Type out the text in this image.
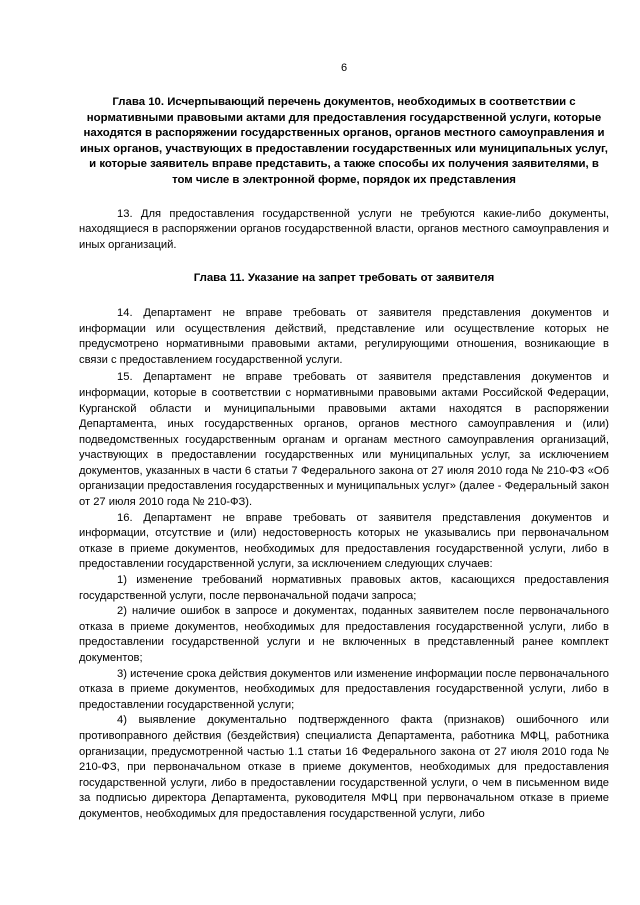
6

Глава 10. Исчерпывающий перечень документов, необходимых в соответствии с нормативными правовыми актами для предоставления государственной услуги, которые находятся в распоряжении государственных органов, органов местного самоуправления и иных органов, участвующих в предоставлении государственных или муниципальных услуг, и которые заявитель вправе представить, а также способы их получения заявителями, в том числе в электронной форме, порядок их представления

13. Для предоставления государственной услуги не требуются какие-либо документы, находящиеся в распоряжении органов государственной власти, органов местного самоуправления и иных организаций.

Глава 11. Указание на запрет требовать от заявителя

14. Департамент не вправе требовать от заявителя представления документов и информации или осуществления действий, представление или осуществление которых не предусмотрено нормативными правовыми актами, регулирующими отношения, возникающие в связи с предоставлением государственной услуги.

15. Департамент не вправе требовать от заявителя представления документов и информации, которые в соответствии с нормативными правовыми актами Российской Федерации, Курганской области и муниципальными правовыми актами находятся в распоряжении Департамента, иных государственных органов, органов местного самоуправления и (или) подведомственных государственным органам и органам местного самоуправления организаций, участвующих в предоставлении государственных или муниципальных услуг, за исключением документов, указанных в части 6 статьи 7 Федерального закона от 27 июля 2010 года № 210-ФЗ «Об организации предоставления государственных и муниципальных услуг» (далее - Федеральный закон от 27 июля 2010 года № 210-ФЗ).

16. Департамент не вправе требовать от заявителя представления документов и информации, отсутствие и (или) недостоверность которых не указывались при первоначальном отказе в приеме документов, необходимых для предоставления государственной услуги, либо в предоставлении государственной услуги, за исключением следующих случаев:

1) изменение требований нормативных правовых актов, касающихся предоставления государственной услуги, после первоначальной подачи запроса;

2) наличие ошибок в запросе и документах, поданных заявителем после первоначального отказа в приеме документов, необходимых для предоставления государственной услуги, либо в предоставлении государственной услуги и не включенных в представленный ранее комплект документов;

3) истечение срока действия документов или изменение информации после первоначального отказа в приеме документов, необходимых для предоставления государственной услуги, либо в предоставлении государственной услуги;

4) выявление документально подтвержденного факта (признаков) ошибочного или противоправного действия (бездействия) специалиста Департамента, работника МФЦ, работника организации, предусмотренной частью 1.1 статьи 16 Федерального закона от 27 июля 2010 года № 210-ФЗ, при первоначальном отказе в приеме документов, необходимых для предоставления государственной услуги, либо в предоставлении государственной услуги, о чем в письменном виде за подписью директора Департамента, руководителя МФЦ при первоначальном отказе в приеме документов, необходимых для предоставления государственной услуги, либо
